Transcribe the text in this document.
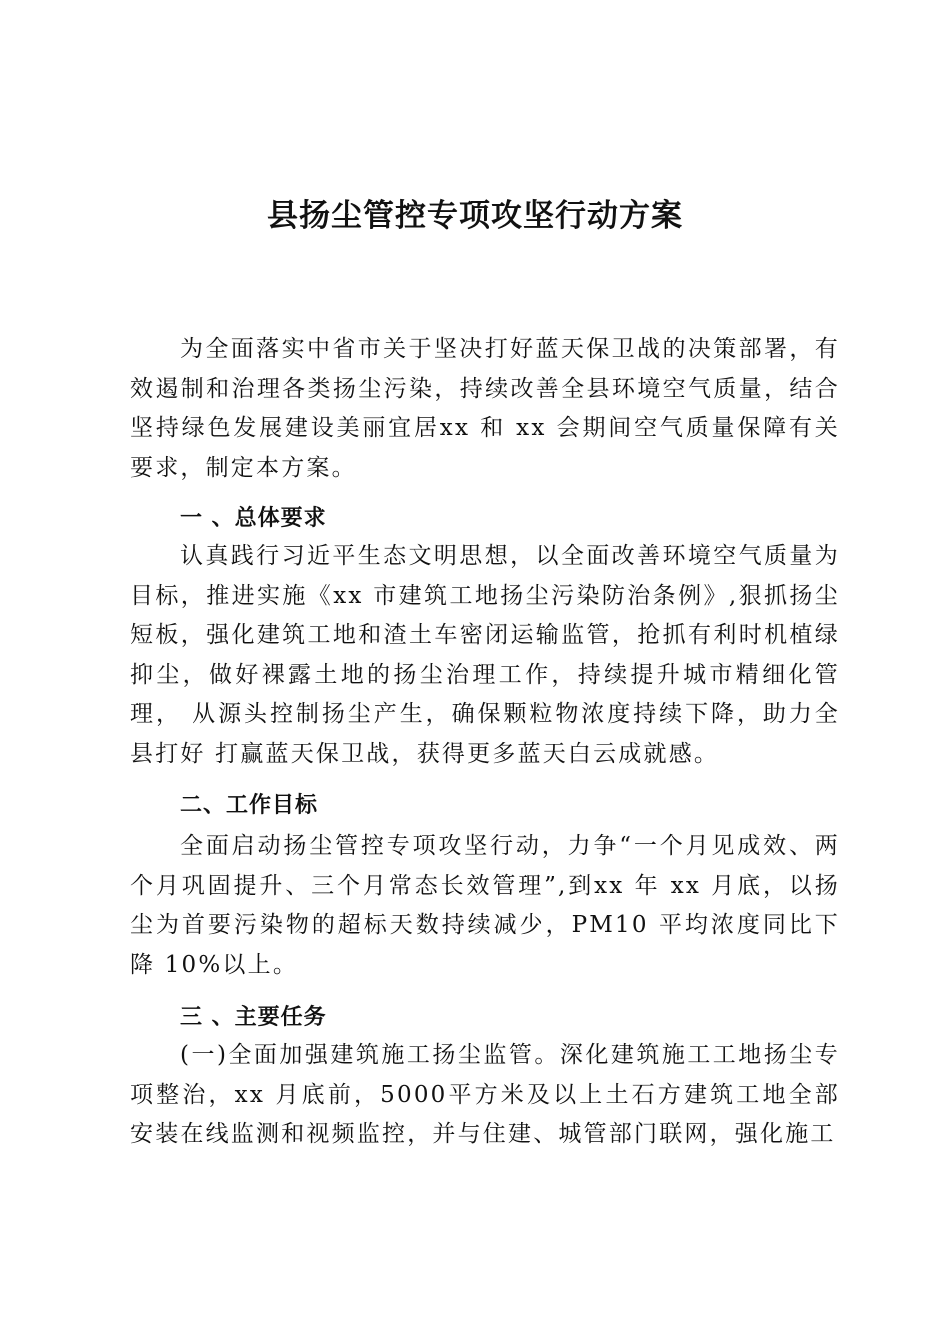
县扬尘管控专项攻坚行动方案

为全面落实中省市关于坚决打好蓝天保卫战的决策部署，有效遏制和治理各类扬尘污染，持续改善全县环境空气质量，结合坚持绿色发展建设美丽宜居xx 和 xx 会期间空气质量保障有关 要求，制定本方案。

一 、总体要求

认真践行习近平生态文明思想，以全面改善环境空气质量为目标，推进实施《xx 市建筑工地扬尘污染防治条例》,狠抓扬尘短板，强化建筑工地和渣土车密闭运输监管，抢抓有利时机植绿抑尘，做好裸露土地的扬尘治理工作，持续提升城市精细化管理， 从源头控制扬尘产生，确保颗粒物浓度持续下降，助力全县打好 打赢蓝天保卫战，获得更多蓝天白云成就感。

二、工作目标

全面启动扬尘管控专项攻坚行动，力争“一个月见成效、两个月巩固提升、三个月常态长效管理”,到xx 年 xx 月底，以扬 尘为首要污染物的超标天数持续减少，PM10 平均浓度同比下降 10%以上。

三 、主要任务

(一)全面加强建筑施工扬尘监管。深化建筑施工工地扬尘专项整治，xx 月底前，5000平方米及以上土石方建筑工地全部 安装在线监测和视频监控，并与住建、城管部门联网，强化施工
